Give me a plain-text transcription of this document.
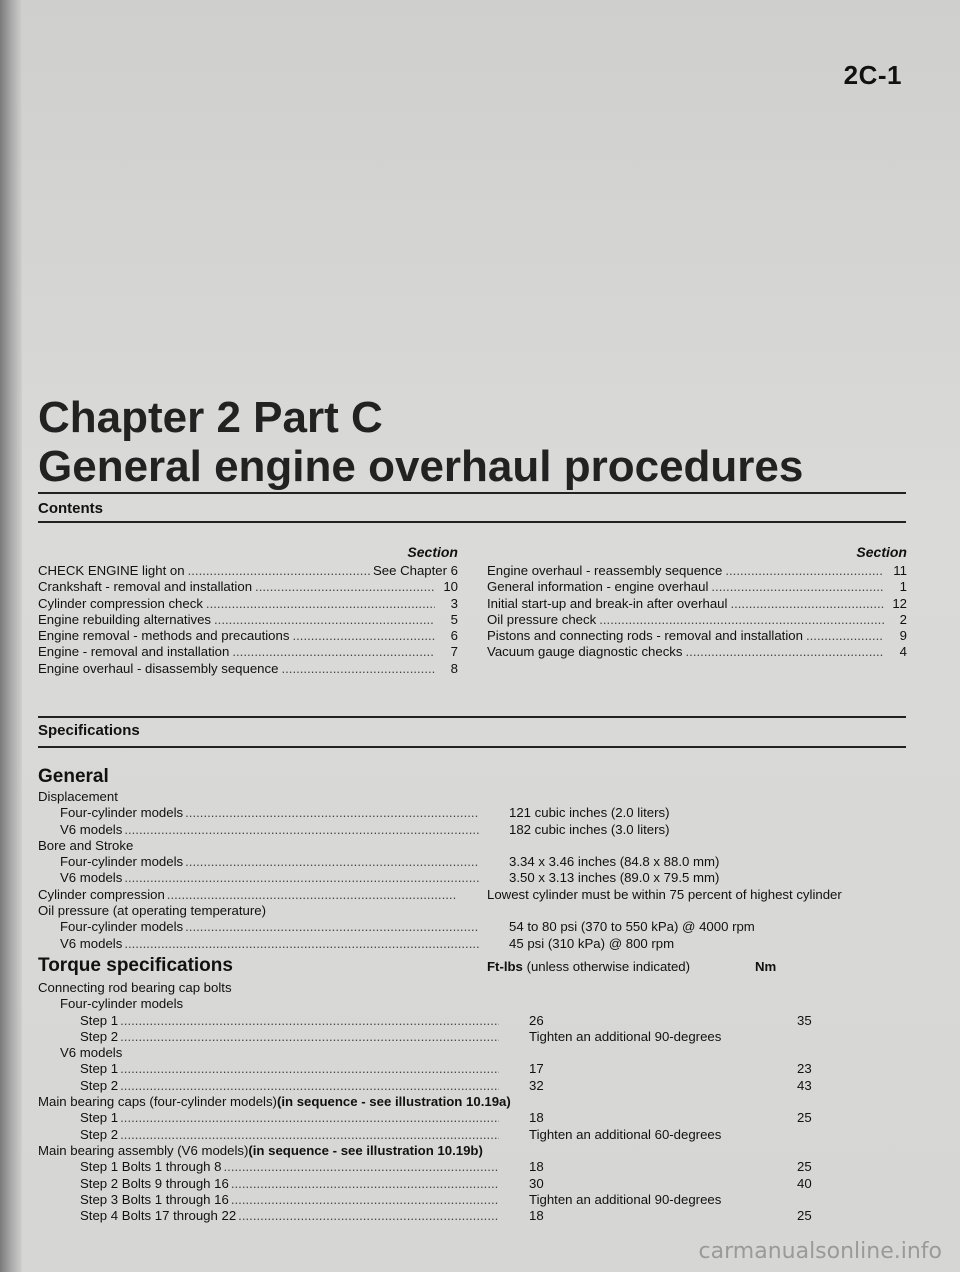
2C-1
Chapter 2 Part C
General engine overhaul procedures
Contents
Section
CHECK ENGINE light on .....	See Chapter 6
Crankshaft - removal and installation .....	10
Cylinder compression check .....	3
Engine rebuilding alternatives .....	5
Engine removal - methods and precautions .....	6
Engine - removal and installation .....	7
Engine overhaul - disassembly sequence .....	8
Section
Engine overhaul - reassembly sequence .....	11
General information - engine overhaul .....	1
Initial start-up and break-in after overhaul .....	12
Oil pressure check .....	2
Pistons and connecting rods - removal and installation .....	9
Vacuum gauge diagnostic checks .....	4
Specifications
General
Displacement
Four-cylinder models .....	121 cubic inches (2.0 liters)
V6 models .....	182 cubic inches (3.0 liters)
Bore and Stroke
Four-cylinder models .....	3.34 x 3.46 inches (84.8 x 88.0 mm)
V6 models .....	3.50 x 3.13 inches (89.0 x 79.5 mm)
Cylinder compression .....	Lowest cylinder must be within 75 percent of highest cylinder
Oil pressure (at operating temperature)
Four-cylinder models .....	54 to 80 psi (370 to 550 kPa) @ 4000 rpm
V6 models .....	45 psi (310 kPa) @ 800 rpm
Torque specifications	Ft-lbs (unless otherwise indicated)	Nm
Connecting rod bearing cap bolts
Four-cylinder models
Step 1 .....	26	35
Step 2 .....	Tighten an additional 90-degrees
V6 models
Step 1 .....	17	23
Step 2 .....	32	43
Main bearing caps (four-cylinder models) (in sequence - see illustration 10.19a)
Step 1 .....	18	25
Step 2 .....	Tighten an additional 60-degrees
Main bearing assembly (V6 models) (in sequence - see illustration 10.19b)
Step 1 Bolts 1 through 8 .....	18	25
Step 2 Bolts 9 through 16 .....	30	40
Step 3 Bolts 1 through 16 .....	Tighten an additional 90-degrees
Step 4 Bolts 17 through 22 .....	18	25
carmanualsonline.info
